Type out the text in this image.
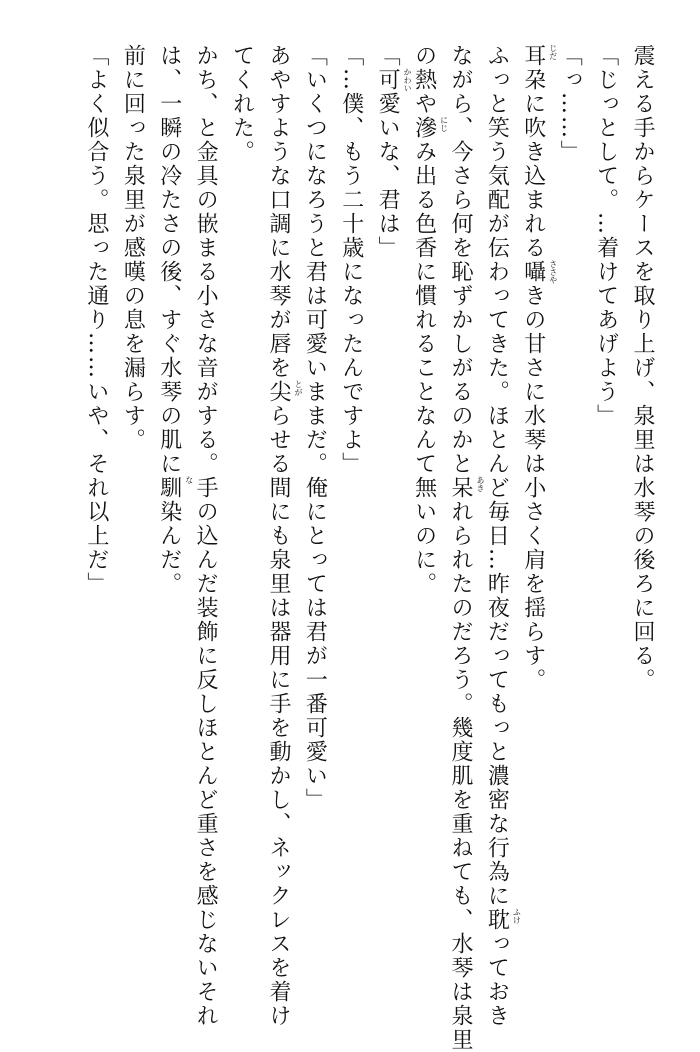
震える手からケースを取り上げ、泉里は水琴の後ろに回る。
「じっとして。…着けてあげよう」
「っ……」
耳朶 じだ
に吹き込まれる囁 ささや
きの甘さに水琴は小さく肩を揺らす。
ふっと笑う気配が伝わってきた。ほとんど毎日…昨夜だってもっと濃密な行為に耽 ふけ
っておき
ながら、今さら何を恥ずかしがるのかと呆 あき
れられたのだろう。幾度肌を重ねても、水琴は泉里
の熱や滲 にじ
み出る色香に慣れることなんて無いのに。
「可愛 かわい
いな、君は」
「…僕、もう二十歳になったんですよ」
「いくつになろうと君は可愛いままだ。俺にとっては君が一番可愛い」
あやすような口調に水琴が唇を尖 とが
らせる間にも泉里は器用に手を動かし、ネックレスを着け
てくれた。
かち、と金具の嵌まる小さな音がする。手の込んだ装飾に反しほとんど重さを感じないそれ
は、一瞬の冷たさの後、すぐ水琴の肌に馴 な
染んだ。
前に回った泉里が感嘆の息を漏らす。
「よく似合う。思った通り……いや、それ以上だ」
